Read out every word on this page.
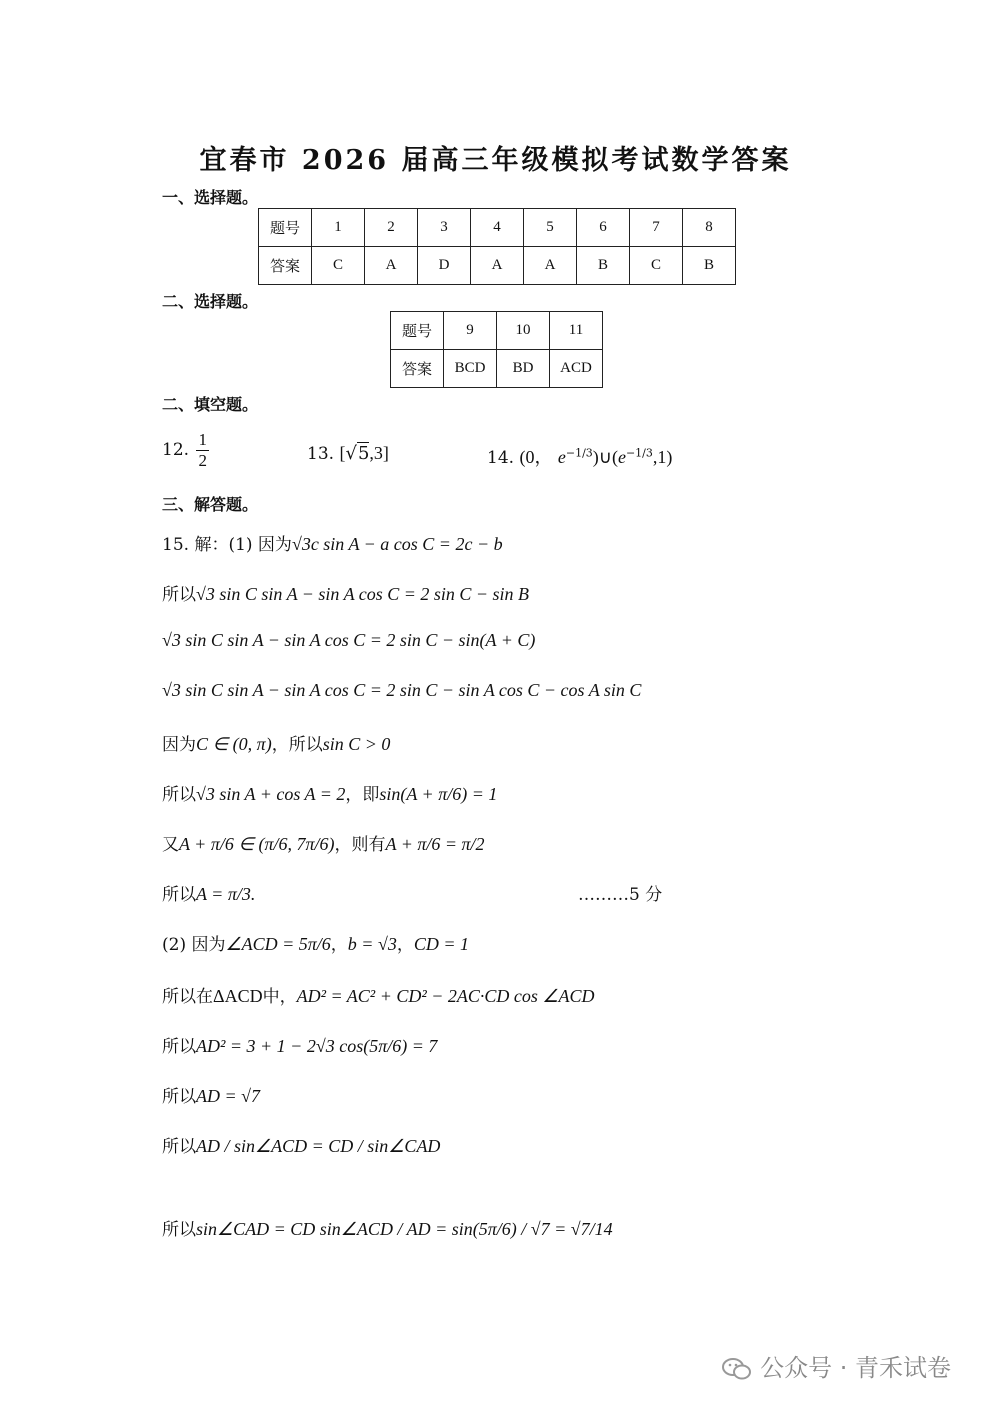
宜春市 2026 届高三年级模拟考试数学答案
一、选择题。
题号	1	2	3	4	5	6	7	8
答案	C	A	D	A	A	B	C	B
二、选择题。
题号	9	10	11
答案	BCD	BD	ACD
二、填空题。
12. $\frac{1}{2}$	13. [√5,3]	14. (0， $e^{-1/3})\cup(e^{-1/3},1)$
三、解答题。
15. 解：(1) 因为√3c sin A − a cos C = 2c − b
所以√3 sin C sin A − sin A cos C = 2 sin C − sin B
√3 sin C sin A − sin A cos C = 2 sin C − sin(A + C)
√3 sin C sin A − sin A cos C = 2 sin C − sin A cos C − cos A sin C
因为C ∈ (0, π)，所以sin C > 0
所以√3 sin A + cos A = 2，即sin(A + π/6) = 1
又A + π/6 ∈ (π/6, 7π/6)，则有A + π/6 = π/2
所以A = π/3.	………5 分
(2) 因为∠ACD = 5π/6，b = √3，CD = 1
所以在ΔACD中，AD² = AC² + CD² − 2AC·CD cos ∠ACD
所以AD² = 3 + 1 − 2√3 cos(5π/6) = 7
所以AD = √7
所以AD / sin∠ACD = CD / sin∠CAD
所以sin∠CAD = CD sin∠ACD / AD = sin(5π/6) / √7 = √7/14
公众号 · 青禾试卷
